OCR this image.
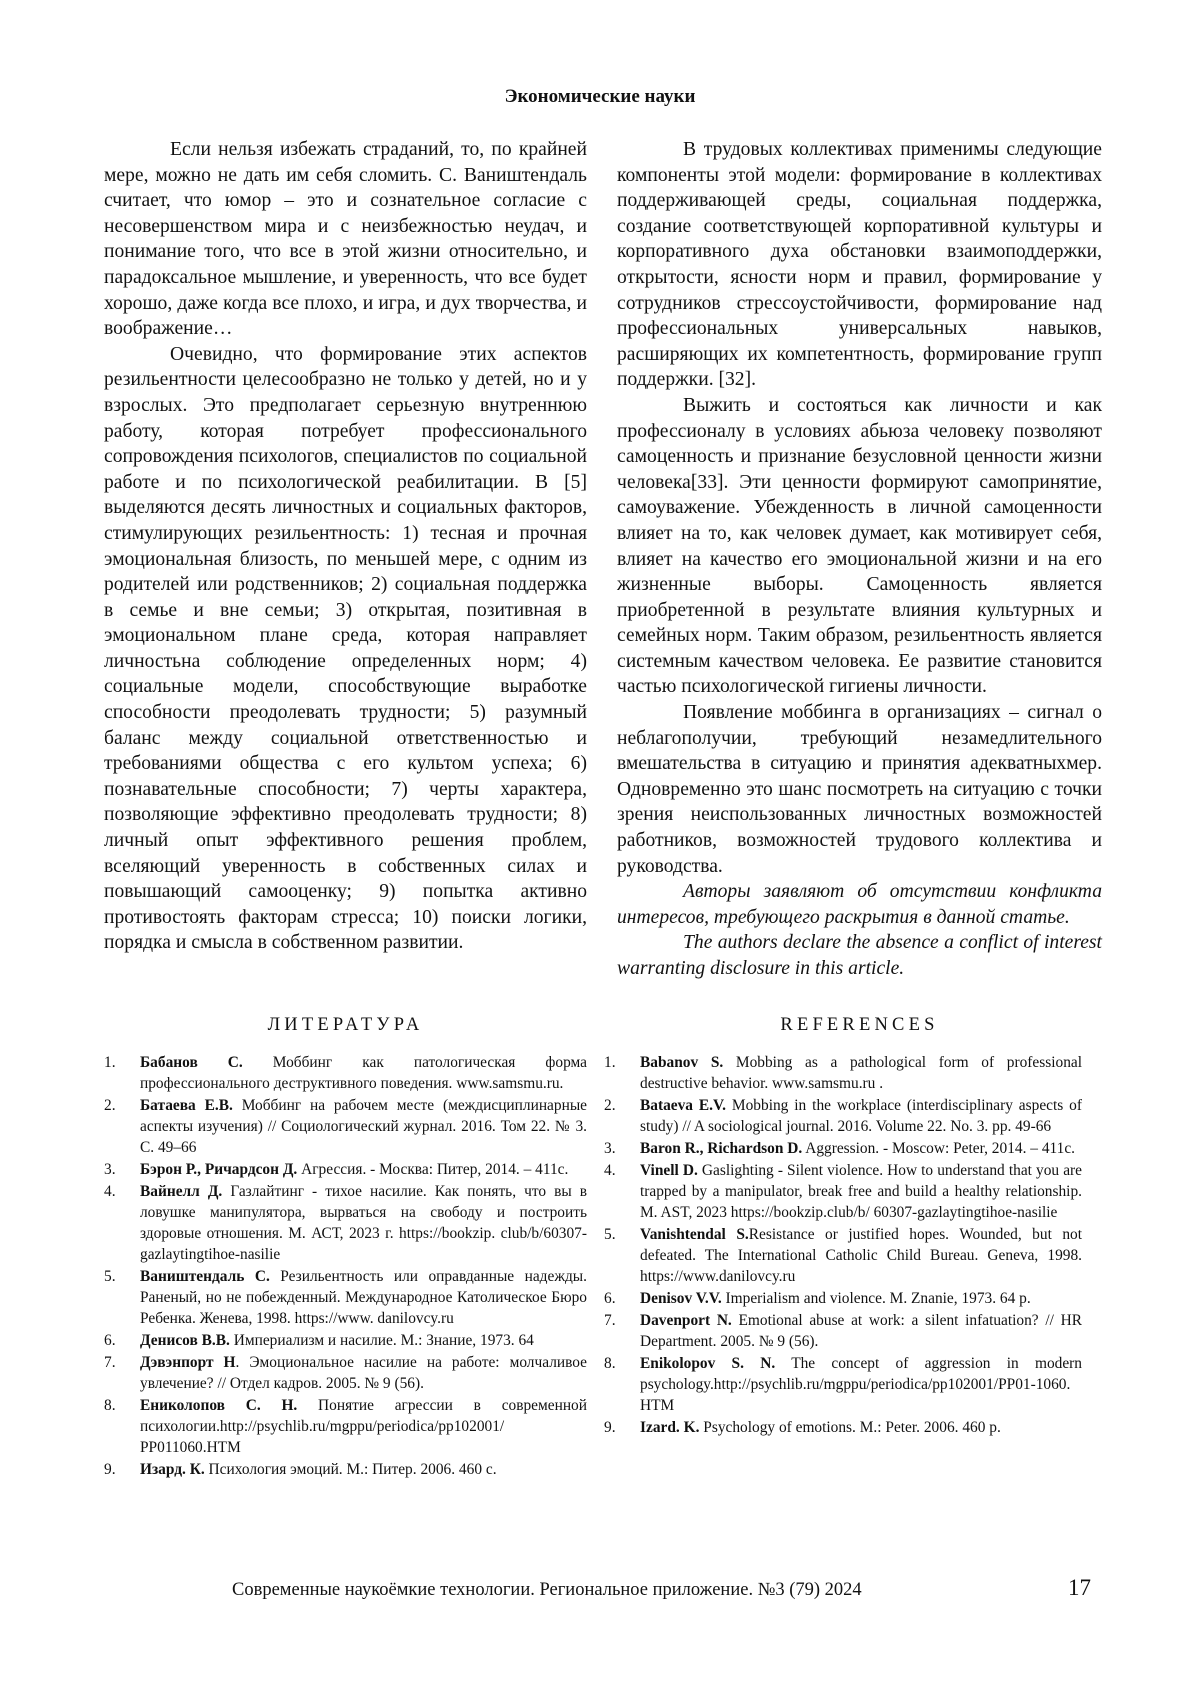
Экономические науки

Если нельзя избежать страданий, то, по крайней мере, можно не дать им себя сломить. С. Ваништендаль считает, что юмор – это и сознательное согласие с несовершенством мира и с неизбежностью неудач, и понимание того, что все в этой жизни относительно, и парадоксальное мышление, и уверенность, что все будет хорошо, даже когда все плохо, и игра, и дух творчества, и воображение…

Очевидно, что формирование этих аспектов резильентности целесообразно не только у детей, но и у взрослых. Это предполагает серьезную внутреннюю работу, которая потребует профессионального сопровождения психологов, специалистов по социальной работе и по психологической реабилитации. В [5] выделяются десять личностных и социальных факторов, стимулирующих резильентность: 1) тесная и прочная эмоциональная близость, по меньшей мере, с одним из родителей или родственников; 2) социальная поддержка в семье и вне семьи; 3) открытая, позитивная в эмоциональном плане среда, которая направляет личностьна соблюдение определенных норм; 4) социальные модели, способствующие выработке способности преодолевать трудности; 5) разумный баланс между социальной ответственностью и требованиями общества с его культом успеха; 6) познавательные способности; 7) черты характера, позволяющие эффективно преодолевать трудности; 8) личный опыт эффективного решения проблем, вселяющий уверенность в собственных силах и повышающий самооценку; 9) попытка активно противостоять факторам стресса; 10) поиски логики, порядка и смысла в собственном развитии.

В трудовых коллективах применимы следующие компоненты этой модели: формирование в коллективах поддерживающей среды, социальная поддержка, создание соответствующей корпоративной культуры и корпоративного духа обстановки взаимоподдержки, открытости, ясности норм и правил, формирование у сотрудников стрессоустойчивости, формирование над профессиональных универсальных навыков, расширяющих их компетентность, формирование групп поддержки. [32].

Выжить и состояться как личности и как профессионалу в условиях абьюза человеку позволяют самоценность и признание безусловной ценности жизни человека[33]. Эти ценности формируют самопринятие, самоуважение. Убежденность в личной самоценности влияет на то, как человек думает, как мотивирует себя, влияет на качество его эмоциональной жизни и на его жизненные выборы. Самоценность является приобретенной в результате влияния культурных и семейных норм. Таким образом, резильентность является системным качеством человека. Ее развитие становится частью психологической гигиены личности.

Появление моббинга в организациях – сигнал о неблагополучии, требующий незамедлительного вмешательства в ситуацию и принятия адекватныхмер. Одновременно это шанс посмотреть на ситуацию с точки зрения неиспользованных личностных возможностей работников, возможностей трудового коллектива и руководства.

Авторы заявляют об отсутствии конфликта интересов, требующего раскрытия в данной статье.

The authors declare the absence a conflict of interest warranting disclosure in this article.

ЛИТЕРАТУРА	REFERENCES
1. Бабанов С. Моббинг как патологическая форма профессионального деструктивного поведения. www.samsmu.ru.
2. Батаева Е.В. Моббинг на рабочем месте (междисциплинарные аспекты изучения) // Социологический журнал. 2016. Том 22. № 3. С. 49–66
3. Бэрон Р., Ричардсон Д. Агрессия. - Москва: Питер, 2014. – 411с.
4. Вайнелл Д. Газлайтинг - тихое насилие. Как понять, что вы в ловушке манипулятора, вырваться на свободу и построить здоровые отношения. М. АСТ, 2023 г. https://bookzip. club/b/60307-gazlaytingtihoe-nasilie
5. Ваништендаль С. Резильентность или оправданные надежды. Раненый, но не побежденный. Международное Католическое Бюро Ребенка. Женева, 1998. https://www. danilovcy.ru
6. Денисов В.В. Империализм и насилие. М.: Знание, 1973. 64
7. Дэвэнпорт Н. Эмоциональное насилие на работе: молчаливое увлечение? // Отдел кадров. 2005. № 9 (56).
8. Ениколопов С. Н. Понятие агрессии в современной психологии.http://psychlib.ru/mgppu/periodica/pp102001/ PP011060.HTM
9. Изард. К. Психология эмоций. М.: Питер. 2006. 460 с.
1. Babanov S. Mobbing as a pathological form of professional destructive behavior. www.samsmu.ru .
2. Bataeva E.V. Mobbing in the workplace (interdisciplinary aspects of study) // A sociological journal. 2016. Volume 22. No. 3. pp. 49-66
3. Baron R., Richardson D. Aggression. - Moscow: Peter, 2014. – 411с.
4. Vinell D. Gaslighting - Silent violence. How to understand that you are trapped by a manipulator, break free and build a healthy relationship. M. AST, 2023 https://bookzip.club/b/ 60307-gazlaytingtihoe-nasilie
5. Vanishtendal S.Resistance or justified hopes. Wounded, but not defeated. The International Catholic Child Bureau. Geneva, 1998. https://www.danilovcy.ru
6. Denisov V.V. Imperialism and violence. M. Znanie, 1973. 64 p.
7. Davenport N. Emotional abuse at work: a silent infatuation? // HR Department. 2005. № 9 (56).
8. Enikolopov S. N. The concept of aggression in modern psychology.http://psychlib.ru/mgppu/periodica/pp102001/PP01-1060. HTM
9. Izard. K. Psychology of emotions. M.: Peter. 2006. 460 p.
Современные наукоёмкие технологии. Региональное приложение. №3 (79) 2024	17
